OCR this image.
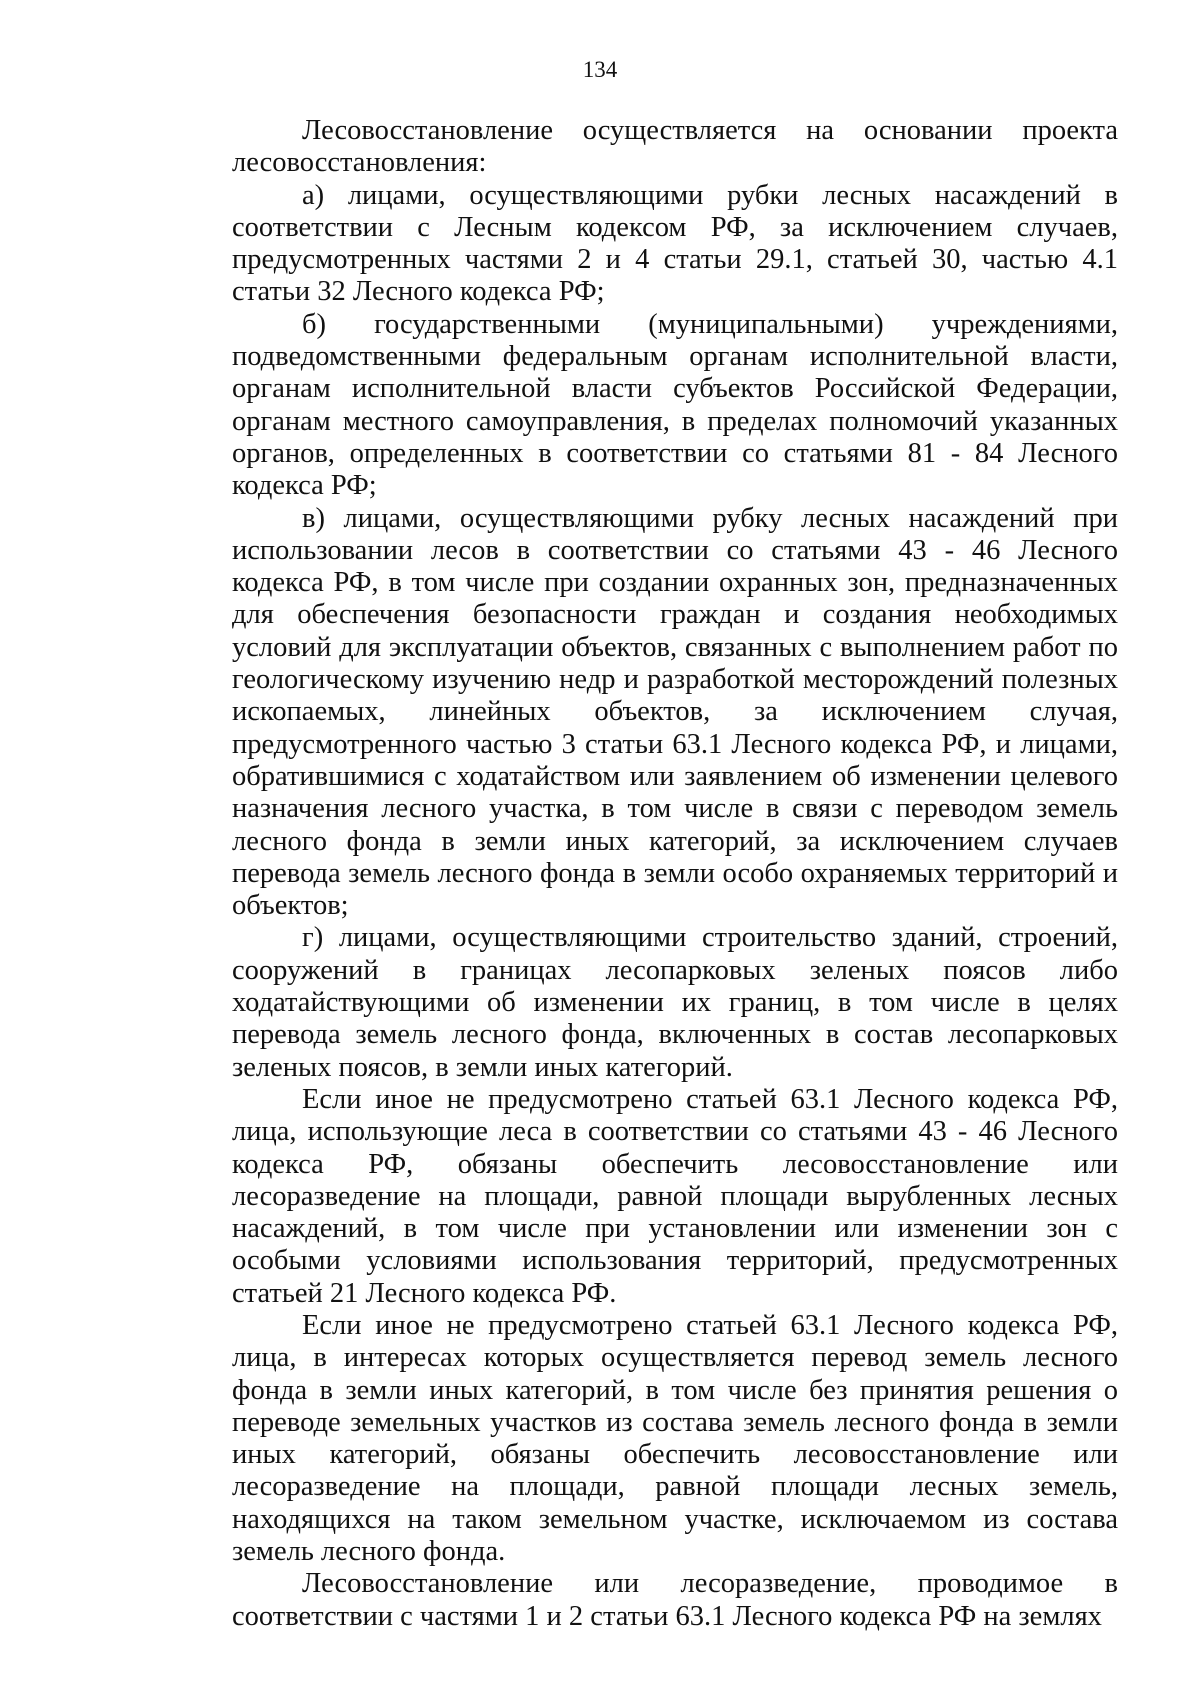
134

Лесовосстановление осуществляется на основании проекта лесовосстановления:

а) лицами, осуществляющими рубки лесных насаждений в соответствии с Лесным кодексом РФ, за исключением случаев, предусмотренных частями 2 и 4 статьи 29.1, статьей 30, частью 4.1 статьи 32 Лесного кодекса РФ;

б) государственными (муниципальными) учреждениями, подведомственными федеральным органам исполнительной власти, органам исполнительной власти субъектов Российской Федерации, органам местного самоуправления, в пределах полномочий указанных органов, определенных в соответствии со статьями 81 - 84 Лесного кодекса РФ;

в) лицами, осуществляющими рубку лесных насаждений при использовании лесов в соответствии со статьями 43 - 46 Лесного кодекса РФ, в том числе при создании охранных зон, предназначенных для обеспечения безопасности граждан и создания необходимых условий для эксплуатации объектов, связанных с выполнением работ по геологическому изучению недр и разработкой месторождений полезных ископаемых, линейных объектов, за исключением случая, предусмотренного частью 3 статьи 63.1 Лесного кодекса РФ, и лицами, обратившимися с ходатайством или заявлением об изменении целевого назначения лесного участка, в том числе в связи с переводом земель лесного фонда в земли иных категорий, за исключением случаев перевода земель лесного фонда в земли особо охраняемых территорий и объектов;

г) лицами, осуществляющими строительство зданий, строений, сооружений в границах лесопарковых зеленых поясов либо ходатайствующими об изменении их границ, в том числе в целях перевода земель лесного фонда, включенных в состав лесопарковых зеленых поясов, в земли иных категорий.

Если иное не предусмотрено статьей 63.1 Лесного кодекса РФ, лица, использующие леса в соответствии со статьями 43 - 46 Лесного кодекса РФ, обязаны обеспечить лесовосстановление или лесоразведение на площади, равной площади вырубленных лесных насаждений, в том числе при установлении или изменении зон с особыми условиями использования территорий, предусмотренных статьей 21 Лесного кодекса РФ.

Если иное не предусмотрено статьей 63.1 Лесного кодекса РФ, лица, в интересах которых осуществляется перевод земель лесного фонда в земли иных категорий, в том числе без принятия решения о переводе земельных участков из состава земель лесного фонда в земли иных категорий, обязаны обеспечить лесовосстановление или лесоразведение на площади, равной площади лесных земель, находящихся на таком земельном участке, исключаемом из состава земель лесного фонда.

Лесовосстановление или лесоразведение, проводимое в соответствии с частями 1 и 2 статьи 63.1 Лесного кодекса РФ на землях
